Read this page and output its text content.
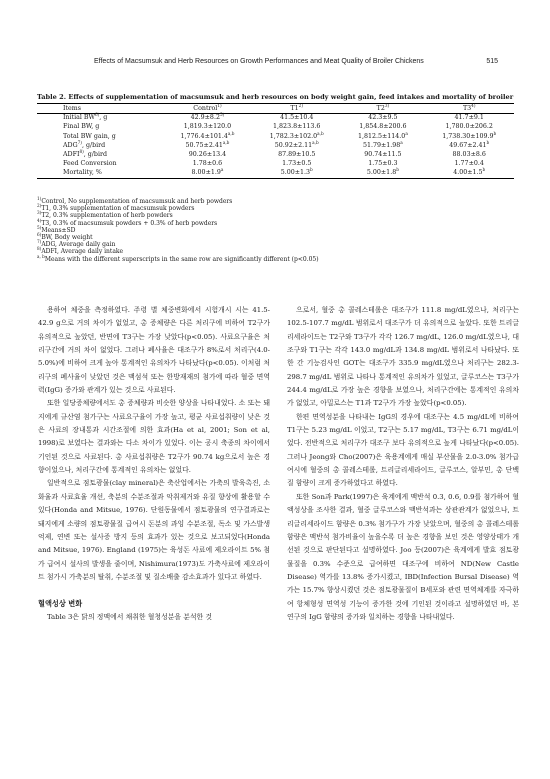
Effects of Macsumsuk and Herb Resources on Growth Performances and Meat Quality of Broiler Chickens	515
Table 2. Effects of supplementation of macsumsuk and herb resources on body weight gain, feed intakes and mortality of broiler
Items	Control$^{1)}$	T1$^{2)}$	T2$^{3)}$	T3$^{4)}$
Initial BW$^{6)}$, g	$42.9\pm 8.2^{5)}$	41.5±10.4	42.3±9.5	41.7±9.1
Final BW, g	1,819.3±120.0	1,823.8±113.6	1,854.8±200.6	1,780.0±206.2
Total BW gain, g	$1,776.4\pm 101.4^{a,b}$	$1,782.3\pm 102.0^{a,b}$	1,812.5±114.0$^a$	1,738.30±109.9$^b$
ADG$^{7)}$, g/bird	$50.75\pm 2.41^{a,b}$	$50.92\pm 2.11^{a,b}$	51.79±1.98$^a$	49.67±2.41$^b$
ADFI$^{8)}$, g/bird	90.26±13.4	87.89±10.5	90.74±11.5	88.03±8.6
Feed Conversion	1.78±0.6	1.73±0.5	1.75±0.3	1.77±0.4
Mortality, %	8.00±1.9$^a$	5.00±1.3$^b$	5.00±1.8$^b$	4.00±1.5$^b$
$^{1)}$Control, No supplementation of macsumsuk and herb powders
$^{2)}$T1, 0.3% supplementation of macsumsuk powders
$^{3)}$T2, 0.3% supplementation of herb powders
$^{4)}$T3, 0.3% of macsumsuk powders + 0.3% of herb powders
$^{5)}$Means±SD
$^{6)}$BW, Body weight
$^{7)}$ADG, Average daily gain
$^{8)}$ADFI, Average daily intake
$^{a, b}$Means with the different superscripts in the same row are significantly different (p<0.05)

용하여 체중을 측정하였다. 주령 별 체중변화에서 시험개시 시는 41.5-42.9 g으로 거의 차이가 없었고, 총 증체량은 다른 처리구에 비하여 T2구가 유의적으로 높았던, 반면에 T3구는 가장 낮았다(p<0.05). 사료요구율은 처리구간에 거의 차이 없었다. 그러나 폐사율은 대조구가 8%로서 처리구(4.0-5.0%)에 비하여 크게 높아 통계적인 유의차가 나타났다(p<0.05). 이처럼 처리구의 폐사율이 낮았던 것은 맥섬석 또는 한방재재의 첨가에 따라 혈중 면역력(IgG) 증가와 관계가 있는 것으로 사료된다.

또한 일당증체량에서도 총 증체량과 비슷한 양상을 나타내었다. 소 또는 돼지에게 규산염 첨가구는 사료요구율이 가장 높고, 평균 사료섭취량이 낮은 것은 사료의 장내통과 시간조절에 의한 효과(Ha et al, 2001; Son et al, 1998)로 보였다는 결과와는 다소 차이가 있었다. 이는 공시 축종의 차이에서 기인된 것으로 사료된다. 총 사료섭취량은 T2구가 90.74 kg으로서 높은 경향이었으나, 처리구간에 통계적인 유의차는 없었다.

일반적으로 점토광물(clay mineral)은 축산업에서는 가축의 발육촉진, 소화율과 사료효율 개선, 축분의 수분조절과 악취제거와 유질 향상에 활용할 수 있다(Honda and Mitsue, 1976). 단원동물에서 점토광물의 연구결과로는 돼지에게 소량의 점토광물질 급여시 돈분의 과잉 수분조절, 독소 및 가스발생 억제, 연변 또는 설사증 방지 등의 효과가 있는 것으로 보고되었다(Honda and Mitsue, 1976). England (1975)는 육성돈 사료에 제오라이트 5% 첨가 급여시 설사의 발생을 줄이며, Nishimura(1973)도 가축사료에 제오라이트 첨가시 가축분의 탈취, 수분조절 및 질소배출 감소효과가 있다고 하였다.

혈액성상 변화

Table 3은 닭의 정맥에서 채취한 혈청성분을 분석한 것

으로서, 혈중 총 콜레스테롤은 대조구가 111.8 mg/dL였으나, 처리구는 102.5-107.7 mg/dL 범위로서 대조구가 더 유의적으로 높았다. 또한 트리글리세라이드는 T2구와 T3구가 각각 126.7 mg/dL, 126.0 mg/dL였으나, 대조구와 T1구는 각각 143.0 mg/dL과 134.8 mg/dL 범위로서 나타났다. 또한 간 기능검사인 GOT는 대조구가 335.9 mg/dL였으나 처리구는 282.3-298.7 mg/dL 범위로 나타나 통계적인 유의차가 있었고, 글루코스는 T3구가 244.4 mg/dL로 가장 높은 경향을 보였으나, 처리구간에는 통계적인 유의차가 없었고, 아밀로스는 T1과 T2구가 가장 높았다(p<0.05).

한편 면역성분을 나타내는 IgG의 경우에 대조구는 4.5 mg/dL에 비하여 T1구는 5.23 mg/dL 이었고, T2구는 5.17 mg/dL, T3구는 6.71 mg/dL이었다. 전반적으로 처리구가 대조구 보다 유의적으로 높게 나타났다(p<0.05). 그러나 Jeong와 Cho(2007)은 육용계에게 매실 부산물을 2.0-3.0% 첨가급여시에 혈중의 총 콜레스테롤, 트리글리세라이드, 글루코스, 알부민, 총 단백질 함량이 크게 증가하였다고 하였다.

또한 Son과 Park(1997)은 육계에게 맥반석 0.3, 0.6, 0.9를 첨가하여 혈액성상을 조사한 결과, 혈중 글루코스와 맥반석과는 상관관계가 없었으나, 트리글리세라이드 함량은 0.3% 첨가구가 가장 낮았으며, 혈중의 총 콜레스테롤 함량은 맥반석 첨가비율이 높을수록 더 높은 경향을 보인 것은 영양상태가 개선된 것으로 판단된다고 설명하였다. Joo 등(2007)은 육계에게 발효 점토광물질을 0.3% 수준으로 급여하면 대조구에 비하여 ND(New Castle Disease) 역가를 13.8% 증가시켰고, IBD(Infection Bursal Disease) 역가는 15.7% 향상시켰던 것은 점토광물질이 B세포와 관련 면역체계를 자극하여 항체형성 면역성 기능이 증가한 것에 기인된 것이라고 설명하였던 바, 본 연구의 IgG 함량의 증가와 일치하는 경향을 나타내었다.
